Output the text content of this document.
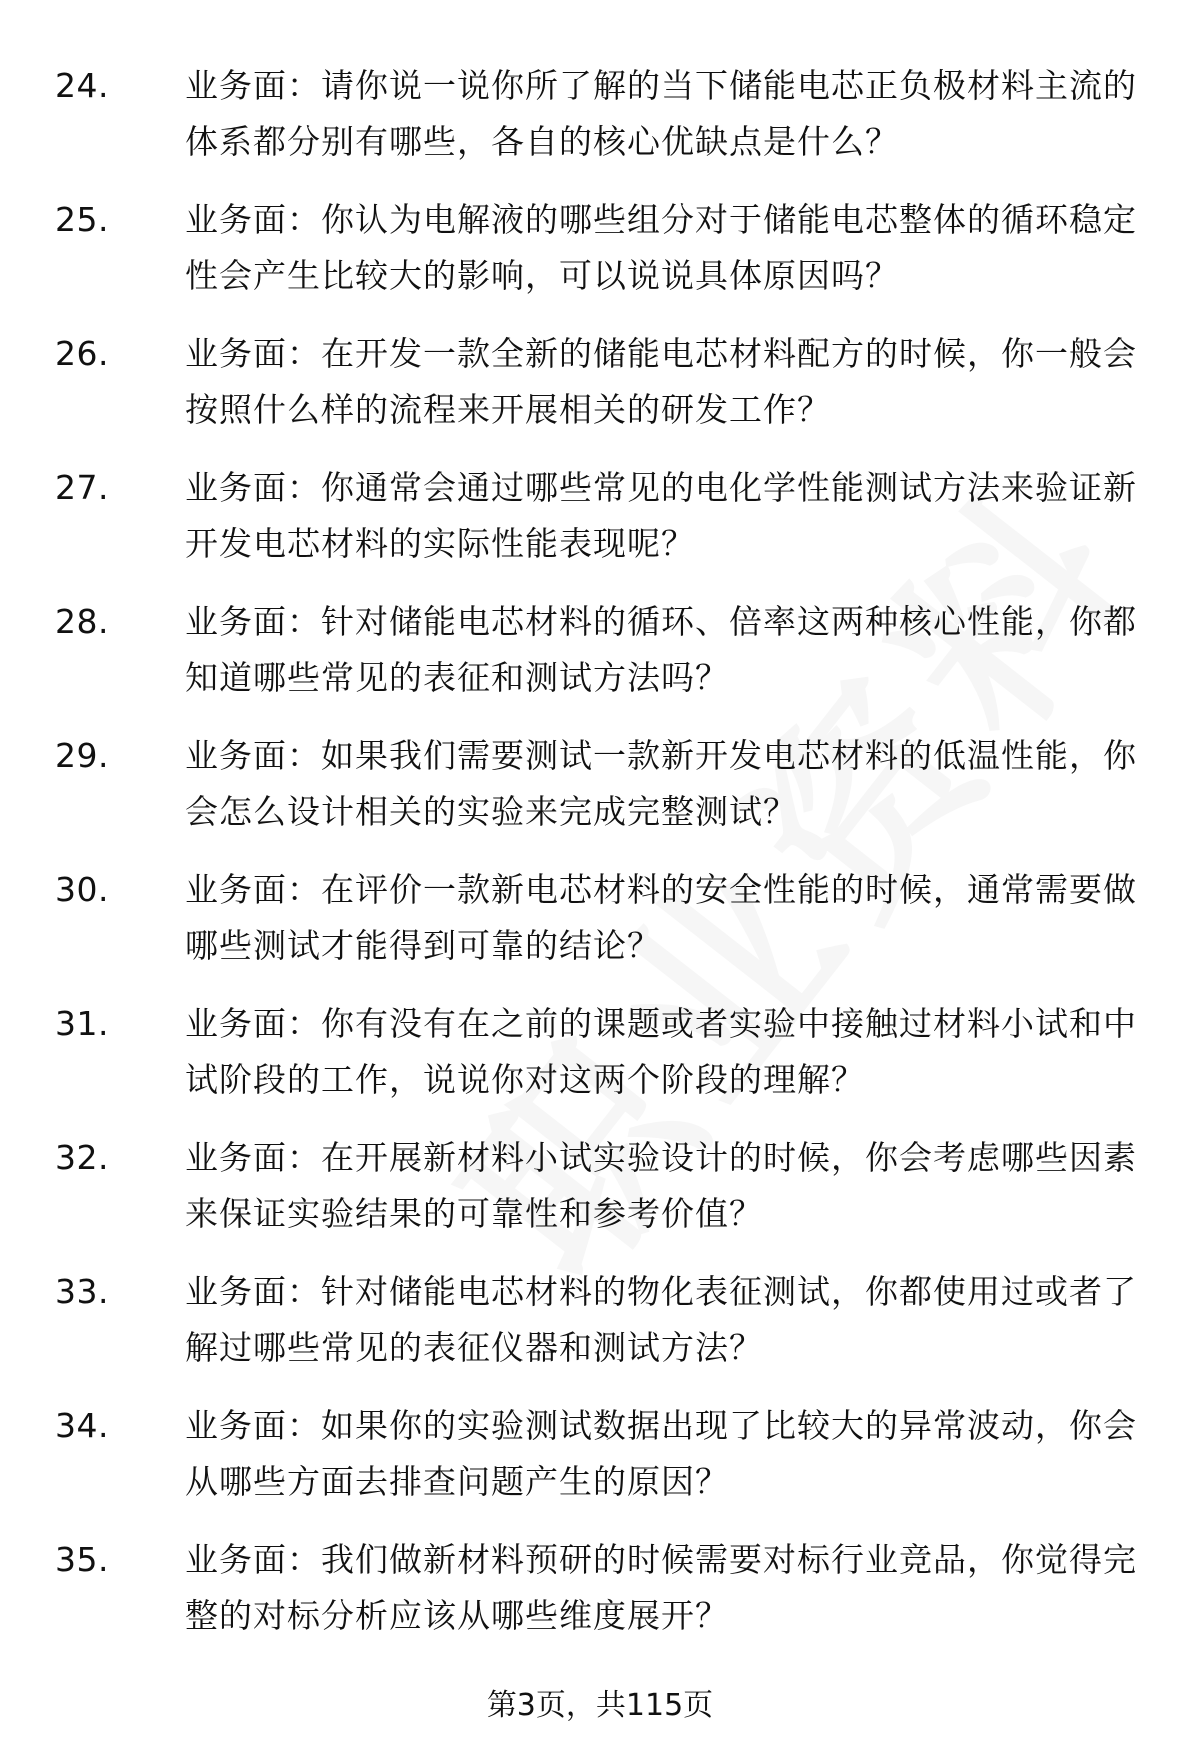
24.	业务面：请你说一说你所了解的当下储能电芯正负极材料主流的体系都分别有哪些，各自的核心优缺点是什么？
25.	业务面：你认为电解液的哪些组分对于储能电芯整体的循环稳定性会产生比较大的影响，可以说说具体原因吗？
26.	业务面：在开发一款全新的储能电芯材料配方的时候，你一般会按照什么样的流程来开展相关的研发工作？
27.	业务面：你通常会通过哪些常见的电化学性能测试方法来验证新开发电芯材料的实际性能表现呢？
28.	业务面：针对储能电芯材料的循环、倍率这两种核心性能，你都知道哪些常见的表征和测试方法吗？
29.	业务面：如果我们需要测试一款新开发电芯材料的低温性能，你会怎么设计相关的实验来完成完整测试？
30.	业务面：在评价一款新电芯材料的安全性能的时候，通常需要做哪些测试才能得到可靠的结论？
31.	业务面：你有没有在之前的课题或者实验中接触过材料小试和中试阶段的工作，说说你对这两个阶段的理解？
32.	业务面：在开展新材料小试实验设计的时候，你会考虑哪些因素来保证实验结果的可靠性和参考价值？
33.	业务面：针对储能电芯材料的物化表征测试，你都使用过或者了解过哪些常见的表征仪器和测试方法？
34.	业务面：如果你的实验测试数据出现了比较大的异常波动，你会从哪些方面去排查问题产生的原因？
35.	业务面：我们做新材料预研的时候需要对标行业竞品，你觉得完整的对标分析应该从哪些维度展开？
第3页，共115页
